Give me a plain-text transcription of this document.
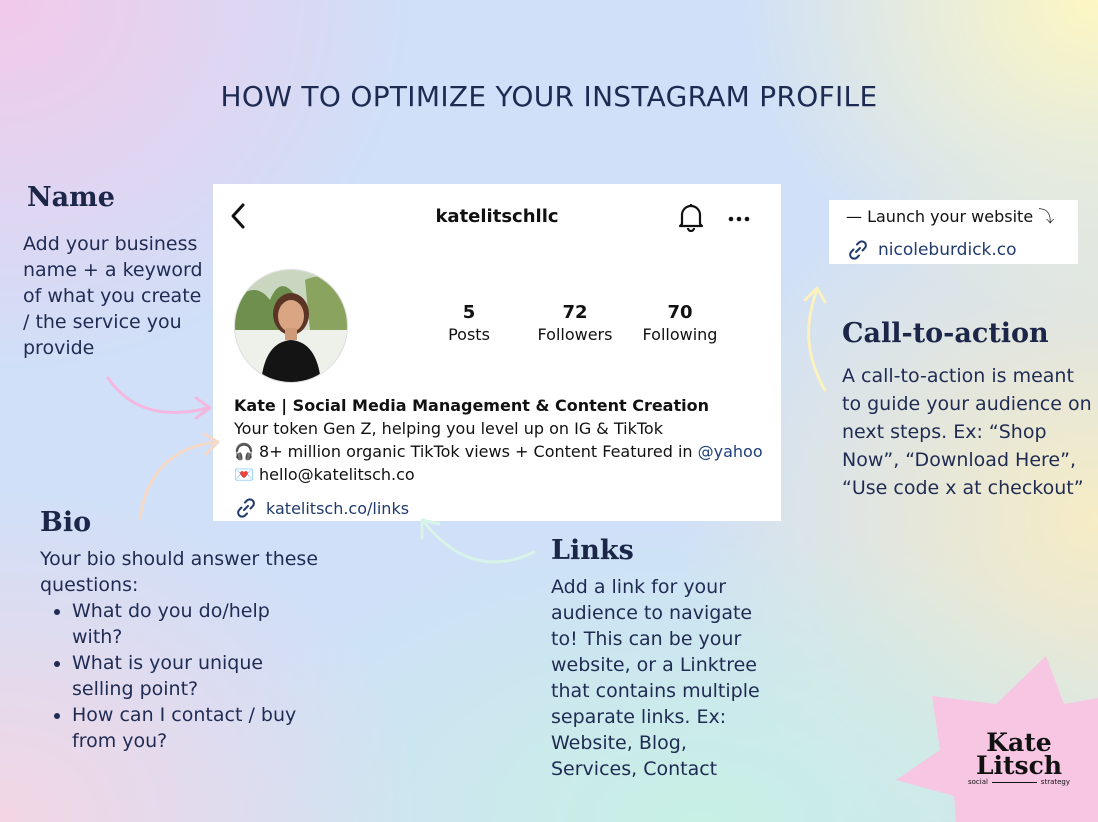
HOW TO OPTIMIZE YOUR INSTAGRAM PROFILE
Name
Add your business name + a keyword of what you create / the service you provide
Bio
Your bio should answer these questions:
• What do you do/help with?
• What is your unique selling point?
• How can I contact / buy from you?
Links
Add a link for your audience to navigate to! This can be your website, or a Linktree that contains multiple separate links. Ex: Website, Blog, Services, Contact
Call-to-action
A call-to-action is meant to guide your audience on next steps. Ex: “Shop Now”, “Download Here”, “Use code x at checkout”
— Launch your website ⤵
nicoleburdick.co
katelitschllc
5
Posts
72
Followers
70
Following
Kate | Social Media Management & Content Creation
Your token Gen Z, helping you level up on IG & TikTok
🎧 8+ million organic TikTok views + Content Featured in @yahoo
💌 hello@katelitsch.co
katelitsch.co/links
Kate
Litsch
social	strategy
